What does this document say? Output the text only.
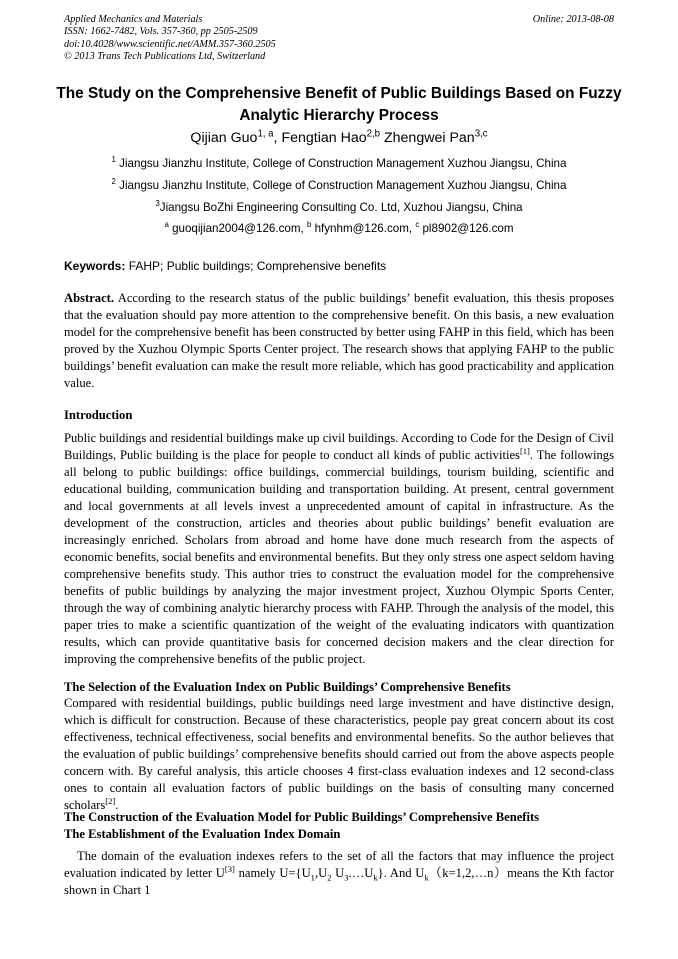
Applied Mechanics and Materials
ISSN: 1662-7482, Vols. 357-360, pp 2505-2509
doi:10.4028/www.scientific.net/AMM.357-360.2505
© 2013 Trans Tech Publications Ltd, Switzerland
Online: 2013-08-08
The Study on the Comprehensive Benefit of Public Buildings Based on Fuzzy Analytic Hierarchy Process
Qijian Guo$^{1, a}$, Fengtian Hao$^{2,b}$ Zhengwei Pan$^{3,c}$
$^1$ Jiangsu Jianzhu Institute, College of Construction Management Xuzhou Jiangsu, China
$^2$ Jiangsu Jianzhu Institute, College of Construction Management Xuzhou Jiangsu, China
$^3$Jiangsu BoZhi Engineering Consulting Co. Ltd, Xuzhou Jiangsu, China
$^a$ guoqijian2004@126.com, $^b$ hfynhm@126.com, $^c$ pl8902@126.com
Keywords: FAHP; Public buildings; Comprehensive benefits
Abstract. According to the research status of the public buildings’ benefit evaluation, this thesis proposes that the evaluation should pay more attention to the comprehensive benefit. On this basis, a new evaluation model for the comprehensive benefit has been constructed by better using FAHP in this field, which has been proved by the Xuzhou Olympic Sports Center project. The research shows that applying FAHP to the public buildings’ benefit evaluation can make the result more reliable, which has good practicability and application value.
Introduction
Public buildings and residential buildings make up civil buildings. According to Code for the Design of Civil Buildings, Public building is the place for people to conduct all kinds of public activities[1]. The followings all belong to public buildings: office buildings, commercial buildings, tourism building, scientific and educational building, communication building and transportation building. At present, central government and local governments at all levels invest a unprecedented amount of capital in infrastructure. As the development of the construction, articles and theories about public buildings’ benefit evaluation are increasingly enriched. Scholars from abroad and home have done much research from the aspects of economic benefits, social benefits and environmental benefits. But they only stress one aspect seldom having comprehensive benefits study. This author tries to construct the evaluation model for the comprehensive benefits of public buildings by analyzing the major investment project, Xuzhou Olympic Sports Center, through the way of combining analytic hierarchy process with FAHP. Through the analysis of the model, this paper tries to make a scientific quantization of the weight of the evaluating indicators with quantization results, which can provide quantitative basis for concerned decision makers and the clear direction for improving the comprehensive benefits of the public project.
The Selection of the Evaluation Index on Public Buildings’ Comprehensive Benefits
Compared with residential buildings, public buildings need large investment and have distinctive design, which is difficult for construction. Because of these characteristics, people pay great concern about its cost effectiveness, technical effectiveness, social benefits and environmental benefits. So the author believes that the evaluation of public buildings’ comprehensive benefits should carried out from the above aspects people concern with. By careful analysis, this article chooses 4 first-class evaluation indexes and 12 second-class ones to contain all evaluation factors of public buildings on the basis of consulting many concerned scholars[2].
The Construction of the Evaluation Model for Public Buildings’ Comprehensive Benefits
The Establishment of the Evaluation Index Domain
The domain of the evaluation indexes refers to the set of all the factors that may influence the project evaluation indicated by letter U[3] namely $U=\{U_1,U_2$ $U_3.\dots U_k$}. And $U_k(k=1,2,\dots n)means$ the Kth factor shown in Chart 1
